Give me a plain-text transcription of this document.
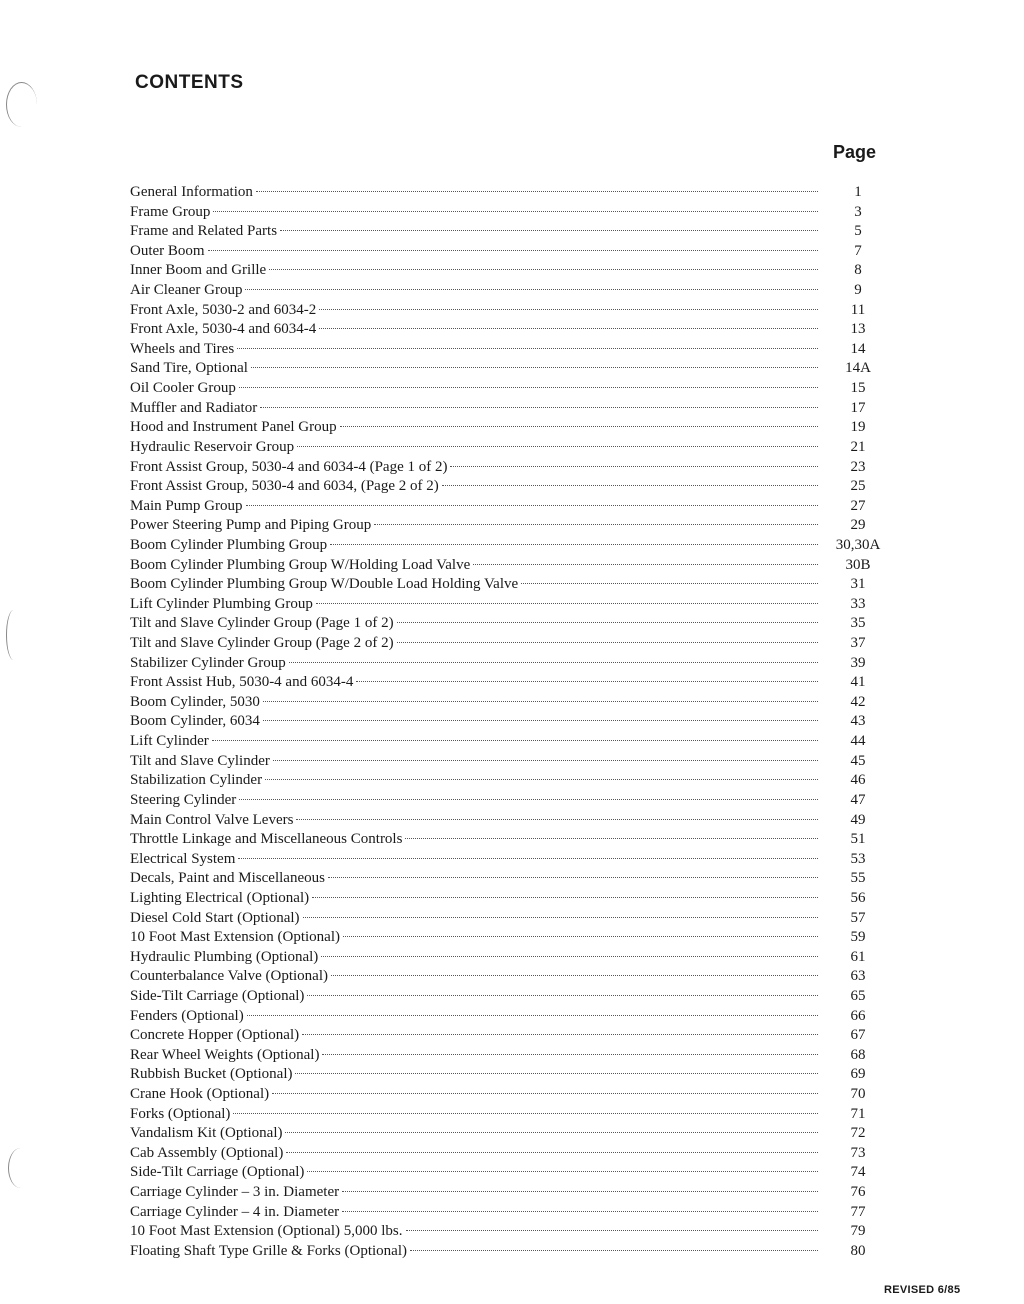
CONTENTS
Page
General Information	1
Frame Group	3
Frame and Related Parts	5
Outer Boom	7
Inner Boom and Grille	8
Air Cleaner Group	9
Front Axle, 5030-2 and 6034-2	11
Front Axle, 5030-4 and 6034-4	13
Wheels and Tires	14
Sand Tire, Optional	14A
Oil Cooler Group	15
Muffler and Radiator	17
Hood and Instrument Panel Group	19
Hydraulic Reservoir Group	21
Front Assist Group, 5030-4 and 6034-4 (Page 1 of 2)	23
Front Assist Group, 5030-4 and 6034, (Page 2 of 2)	25
Main Pump Group	27
Power Steering Pump and Piping Group	29
Boom Cylinder Plumbing Group	30,30A
Boom Cylinder Plumbing Group W/Holding Load Valve	30B
Boom Cylinder Plumbing Group W/Double Load Holding Valve	31
Lift Cylinder Plumbing Group	33
Tilt and Slave Cylinder Group (Page 1 of 2)	35
Tilt and Slave Cylinder Group (Page 2 of 2)	37
Stabilizer Cylinder Group	39
Front Assist Hub, 5030-4 and 6034-4	41
Boom Cylinder, 5030	42
Boom Cylinder, 6034	43
Lift Cylinder	44
Tilt and Slave Cylinder	45
Stabilization Cylinder	46
Steering Cylinder	47
Main Control Valve Levers	49
Throttle Linkage and Miscellaneous Controls	51
Electrical System	53
Decals, Paint and Miscellaneous	55
Lighting Electrical (Optional)	56
Diesel Cold Start (Optional)	57
10 Foot Mast Extension (Optional)	59
Hydraulic Plumbing (Optional)	61
Counterbalance Valve (Optional)	63
Side-Tilt Carriage (Optional)	65
Fenders (Optional)	66
Concrete Hopper (Optional)	67
Rear Wheel Weights (Optional)	68
Rubbish Bucket (Optional)	69
Crane Hook (Optional)	70
Forks (Optional)	71
Vandalism Kit (Optional)	72
Cab Assembly (Optional)	73
Side-Tilt Carriage (Optional)	74
Carriage Cylinder – 3 in. Diameter	76
Carriage Cylinder – 4 in. Diameter	77
10 Foot Mast Extension (Optional) 5,000 lbs.	79
Floating Shaft Type Grille & Forks (Optional)	80
REVISED 6/85
